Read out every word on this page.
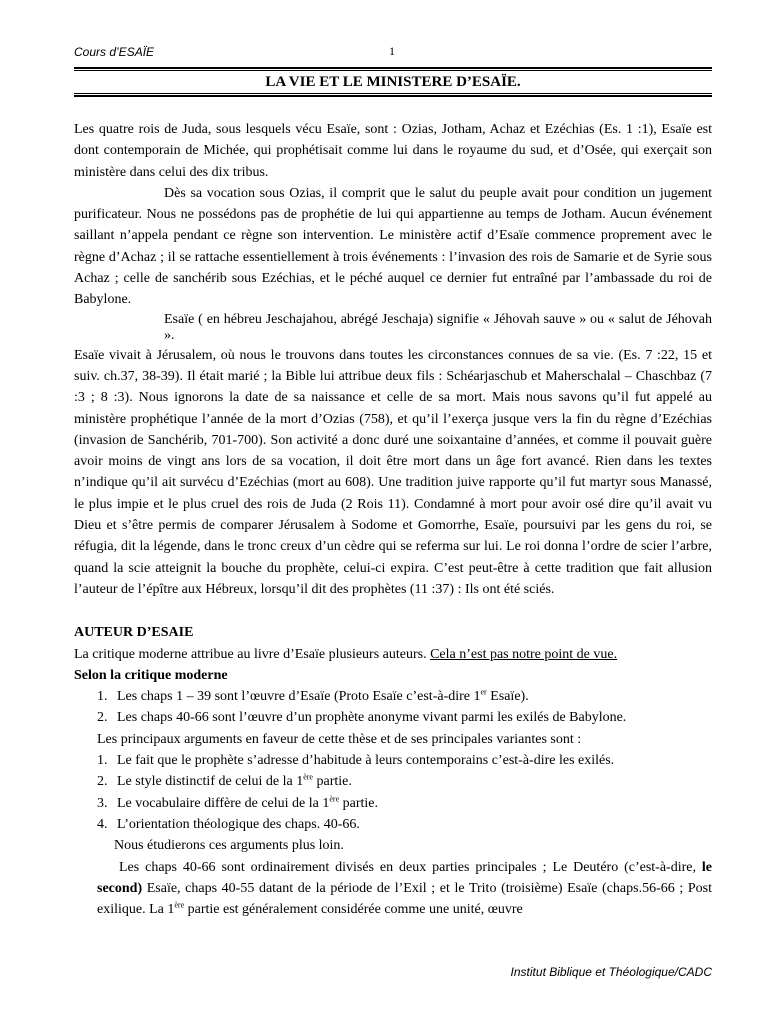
Cours d’ESAÏE	1
LA VIE ET LE MINISTERE D’ESAÏE.

Les quatre rois de Juda, sous lesquels vécu Esaïe, sont : Ozias, Jotham, Achaz et Ezéchias (Es. 1 :1), Esaïe est dont contemporain de Michée, qui prophétisait comme lui dans le royaume du sud, et d’Osée, qui exerçait son ministère dans celui des dix tribus.

Dès sa vocation sous Ozias, il comprit que le salut du peuple avait pour condition un jugement purificateur. Nous ne possédons pas de prophétie de lui qui appartienne au temps de Jotham. Aucun événement saillant n’appela pendant ce règne son intervention. Le ministère actif d’Esaïe commence proprement avec le règne d’Achaz ; il se rattache essentiellement à trois événements : l’invasion des rois de Samarie et de Syrie sous Achaz ; celle de sanchérib sous Ezéchias, et le péché auquel ce dernier fut entraîné par l’ambassade du roi de Babylone.

Esaïe ( en hébreu Jeschajahou, abrégé Jeschaja) signifie « Jéhovah sauve » ou « salut de Jéhovah ».

Esaïe vivait à Jérusalem, où nous le trouvons dans toutes les circonstances connues de sa vie. (Es. 7 :22, 15 et suiv. ch.37, 38-39). Il était marié ; la Bible lui attribue deux fils : Schéarjaschub et Maherschalal – Chaschbaz (7 :3 ; 8 :3). Nous ignorons la date de sa naissance et celle de sa mort. Mais nous savons qu’il fut appelé au ministère prophétique l’année de la mort d’Ozias (758), et qu’il l’exerça jusque vers la fin du règne d’Ezéchias (invasion de Sanchérib, 701-700). Son activité a donc duré une soixantaine d’années, et comme il pouvait guère avoir moins de vingt ans lors de sa vocation, il doit être mort dans un âge fort avancé. Rien dans les textes n’indique qu’il ait survécu d’Ezéchias (mort au 608). Une tradition juive rapporte qu’il fut martyr sous Manassé, le plus impie et le plus cruel des rois de Juda (2 Rois 11). Condamné à mort pour avoir osé dire qu’il avait vu Dieu et s’être permis de comparer Jérusalem à Sodome et Gomorrhe, Esaïe, poursuivi par les gens du roi, se réfugia, dit la légende, dans le tronc creux d’un cèdre qui se referma sur lui. Le roi donna l’ordre de scier l’arbre, quand la scie atteignit la bouche du prophète, celui-ci expira. C’est peut-être à cette tradition que fait allusion l’auteur de l’épître aux Hébreux, lorsqu’il dit des prophètes (11 :37) : Ils ont été sciés.

AUTEUR D’ESAIE

La critique moderne attribue au livre d’Esaïe plusieurs auteurs. Cela n’est pas notre point de vue.

Selon la critique moderne

1. Les chaps 1 – 39 sont l’œuvre d’Esaïe (Proto Esaïe c’est-à-dire 1er Esaïe).
2. Les chaps 40-66 sont l’œuvre d’un prophète anonyme vivant parmi les exilés de Babylone.

Les principaux arguments en faveur de cette thèse et de ses principales variantes sont :

1. Le fait que le prophète s’adresse d’habitude à leurs contemporains c’est-à-dire les exilés.
2. Le style distinctif de celui de la 1ère partie.
3. Le vocabulaire diffère de celui de la 1ère partie.
4. L’orientation théologique des chaps. 40-66.

Nous étudierons ces arguments plus loin.

Les chaps 40-66 sont ordinairement divisés en deux parties principales ; Le Deutéro (c’est-à-dire, le second) Esaïe, chaps 40-55 datant de la période de l’Exil ; et le Trito (troisième) Esaïe (chaps.56-66 ; Post exilique. La 1ère partie est généralement considérée comme une unité, œuvre

Institut Biblique et Théologique/CADC
